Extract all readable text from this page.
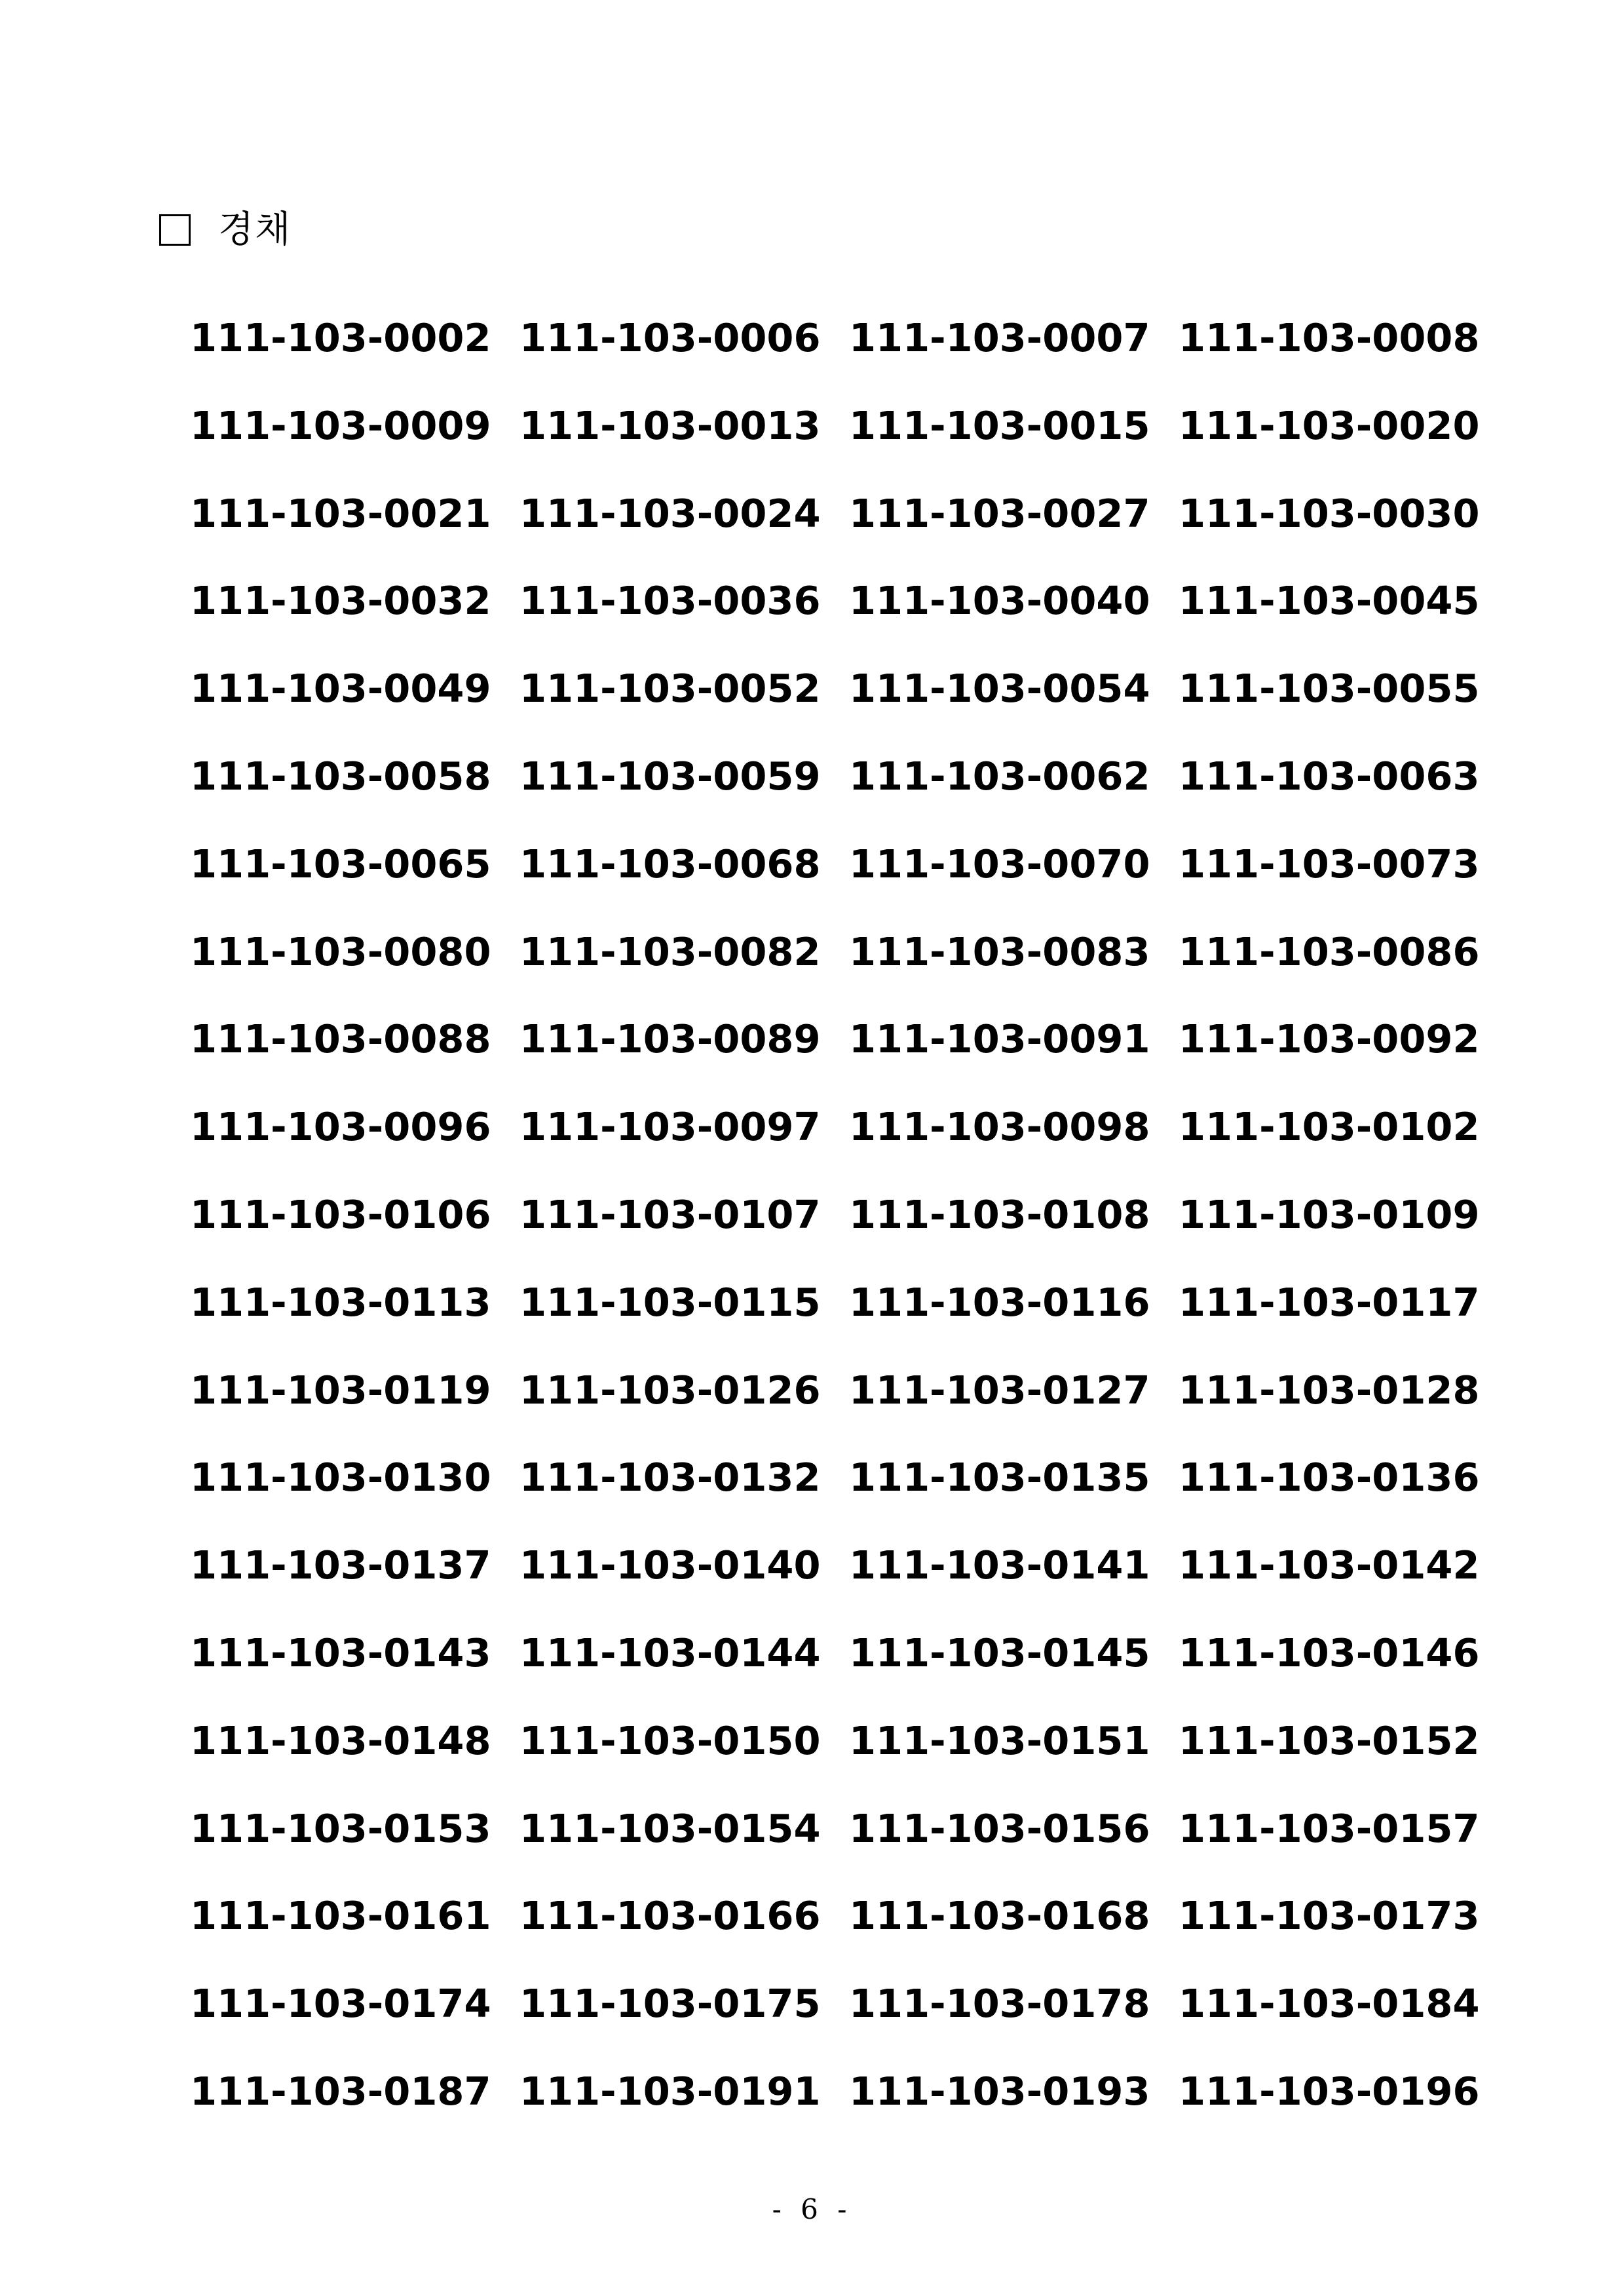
경채
111-103-0002 111-103-0006 111-103-0007 111-103-0008
111-103-0009 111-103-0013 111-103-0015 111-103-0020
111-103-0021 111-103-0024 111-103-0027 111-103-0030
111-103-0032 111-103-0036 111-103-0040 111-103-0045
111-103-0049 111-103-0052 111-103-0054 111-103-0055
111-103-0058 111-103-0059 111-103-0062 111-103-0063
111-103-0065 111-103-0068 111-103-0070 111-103-0073
111-103-0080 111-103-0082 111-103-0083 111-103-0086
111-103-0088 111-103-0089 111-103-0091 111-103-0092
111-103-0096 111-103-0097 111-103-0098 111-103-0102
111-103-0106 111-103-0107 111-103-0108 111-103-0109
111-103-0113 111-103-0115 111-103-0116 111-103-0117
111-103-0119 111-103-0126 111-103-0127 111-103-0128
111-103-0130 111-103-0132 111-103-0135 111-103-0136
111-103-0137 111-103-0140 111-103-0141 111-103-0142
111-103-0143 111-103-0144 111-103-0145 111-103-0146
111-103-0148 111-103-0150 111-103-0151 111-103-0152
111-103-0153 111-103-0154 111-103-0156 111-103-0157
111-103-0161 111-103-0166 111-103-0168 111-103-0173
111-103-0174 111-103-0175 111-103-0178 111-103-0184
111-103-0187 111-103-0191 111-103-0193 111-103-0196
- 6 -
